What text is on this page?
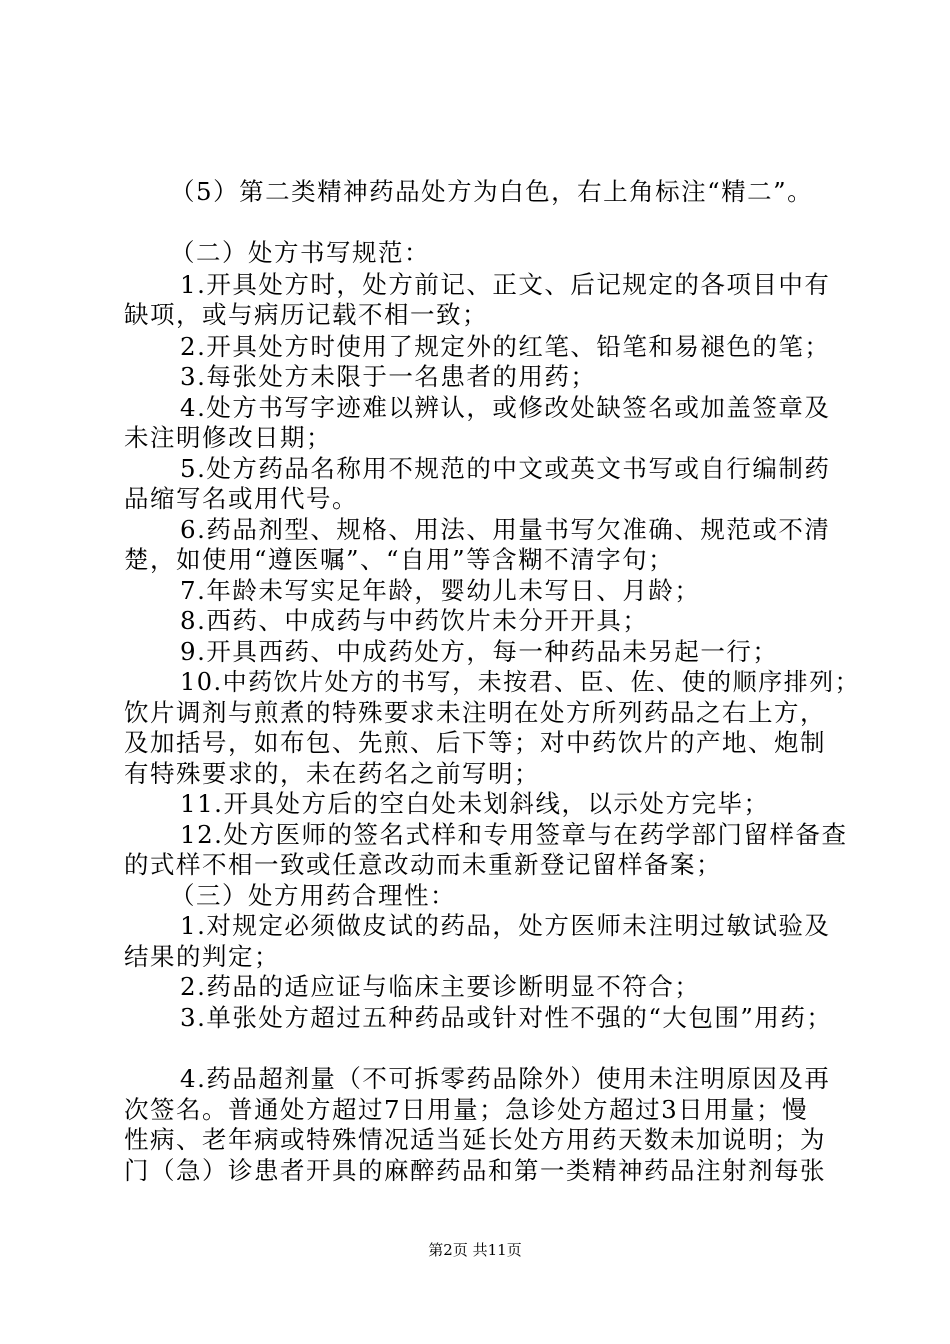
（5）第二类精神药品处方为白色，右上角标注“精二”。
（二）处方书写规范：
1.开具处方时，处方前记、正文、后记规定的各项目中有
缺项，或与病历记载不相一致；
2.开具处方时使用了规定外的红笔、铅笔和易褪色的笔；
3.每张处方未限于一名患者的用药；
4.处方书写字迹难以辨认，或修改处缺签名或加盖签章及
未注明修改日期；
5.处方药品名称用不规范的中文或英文书写或自行编制药
品缩写名或用代号。
6.药品剂型、规格、用法、用量书写欠准确、规范或不清
楚，如使用“遵医嘱”、“自用”等含糊不清字句；
7.年龄未写实足年龄，婴幼儿未写日、月龄；
8.西药、中成药与中药饮片未分开开具；
9.开具西药、中成药处方，每一种药品未另起一行；
10.中药饮片处方的书写，未按君、臣、佐、使的顺序排列；
饮片调剂与煎煮的特殊要求未注明在处方所列药品之右上方，
及加括号，如布包、先煎、后下等；对中药饮片的产地、炮制
有特殊要求的，未在药名之前写明；
11.开具处方后的空白处未划斜线，以示处方完毕；
12.处方医师的签名式样和专用签章与在药学部门留样备查
的式样不相一致或任意改动而未重新登记留样备案；
（三）处方用药合理性：
1.对规定必须做皮试的药品，处方医师未注明过敏试验及
结果的判定；
2.药品的适应证与临床主要诊断明显不符合；
3.单张处方超过五种药品或针对性不强的“大包围”用药；
4.药品超剂量（不可拆零药品除外）使用未注明原因及再
次签名。普通处方超过7日用量；急诊处方超过3日用量；慢
性病、老年病或特殊情况适当延长处方用药天数未加说明；为
门（急）诊患者开具的麻醉药品和第一类精神药品注射剂每张
第2页 共11页
